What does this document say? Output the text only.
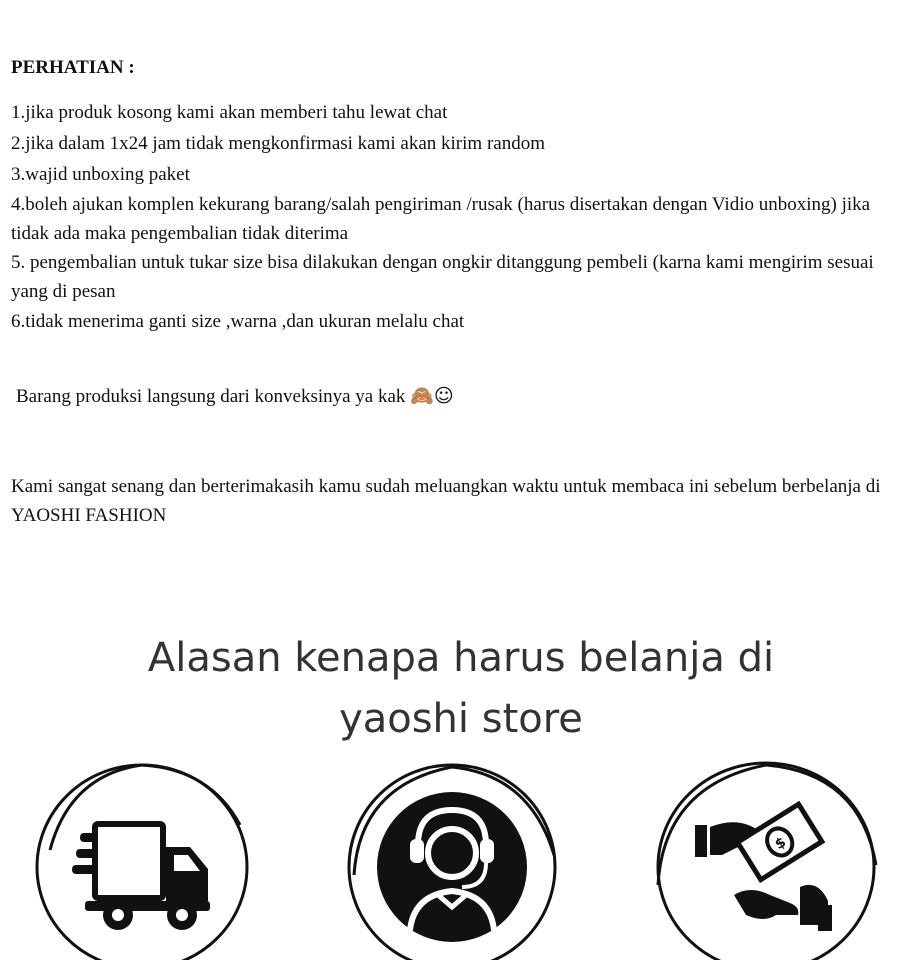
PERHATIAN :
1.jika produk kosong kami akan memberi tahu lewat chat
2.jika dalam 1x24 jam tidak mengkonfirmasi kami akan kirim random
3.wajid unboxing paket
4.boleh ajukan komplen kekurang barang/salah pengiriman /rusak (harus disertakan dengan Vidio unboxing) jika tidak ada maka pengembalian tidak diterima
5. pengembalian untuk tukar size bisa dilakukan dengan ongkir ditanggung pembeli (karna kami mengirim sesuai yang di pesan
6.tidak menerima ganti size ,warna ,dan ukuran melalu chat
Barang produksi langsung dari konveksinya ya kak 🙈☺
Kami sangat senang dan berterimakasih kamu sudah meluangkan waktu untuk membaca ini sebelum berbelanja di YAOSHI FASHION
Alasan kenapa harus belanja di
yaoshi store
$
